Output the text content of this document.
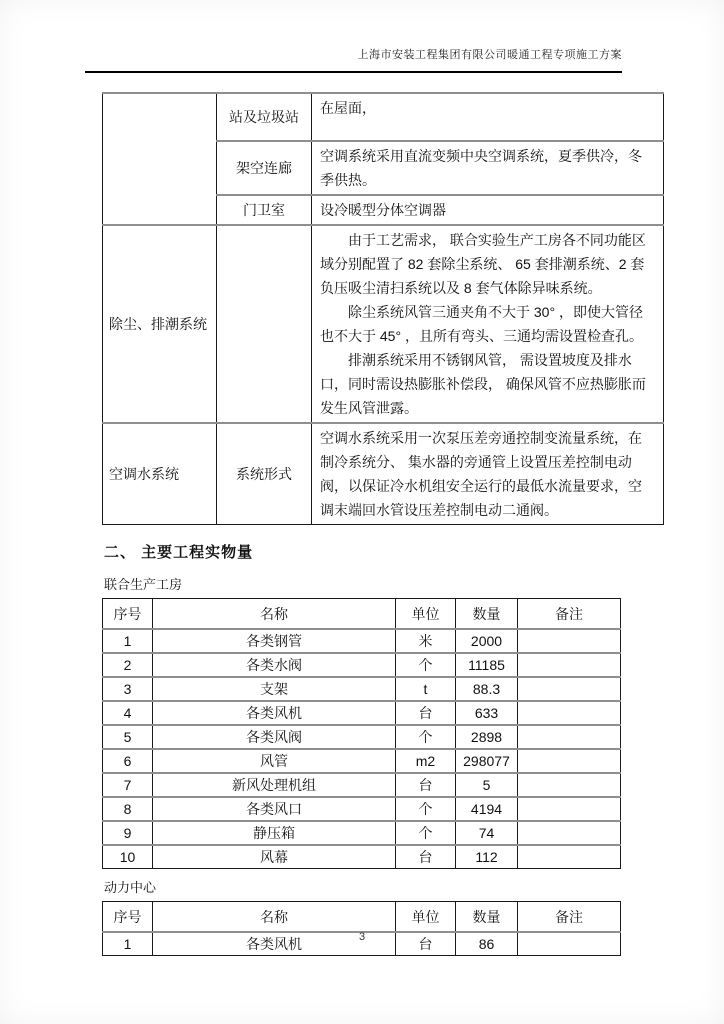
上海市安装工程集团有限公司暖通工程专项施工方案
	站及垃圾站	在屋面，

	架空连廊	空调系统采用直流变频中央空调系统，夏季供冷，冬季供热。

	门卫室	设冷暖型分体空调器

除尘、排潮系统		由于工艺需求， 联合实验生产工房各不同功能区域分别配置了 82 套除尘系统、 65 套排潮系统、2 套负压吸尘清扫系统以及 8 套气体除异味系统。

除尘系统风管三通夹角不大于 30° ，即使大管径也不大于 45° ，且所有弯头、三通均需设置检查孔。

排潮系统采用不锈钢风管， 需设置坡度及排水口，同时需设热膨胀补偿段， 确保风管不应热膨胀而发生风管泄露。

空调水系统	系统形式	空调水系统采用一次泵压差旁通控制变流量系统，在制冷系统分、 集水器的旁通管上设置压差控制电动阀，以保证冷水机组安全运行的最低水流量要求，空调末端回水管设压差控制电动二通阀。

二、 主要工程实物量
联合生产工房
序号	名称	单位	数量	备注
1	各类钢管	米	2000	
2	各类水阀	个	11185	
3	支架	t	88.3	
4	各类风机	台	633	
5	各类风阀	个	2898	
6	风管	m2	298077	
7	新风处理机组	台	5	
8	各类风口	个	4194	
9	静压箱	个	74	
10	风幕	台	112	
动力中心
序号	名称	单位	数量	备注
1	各类风机	台	86	
3
